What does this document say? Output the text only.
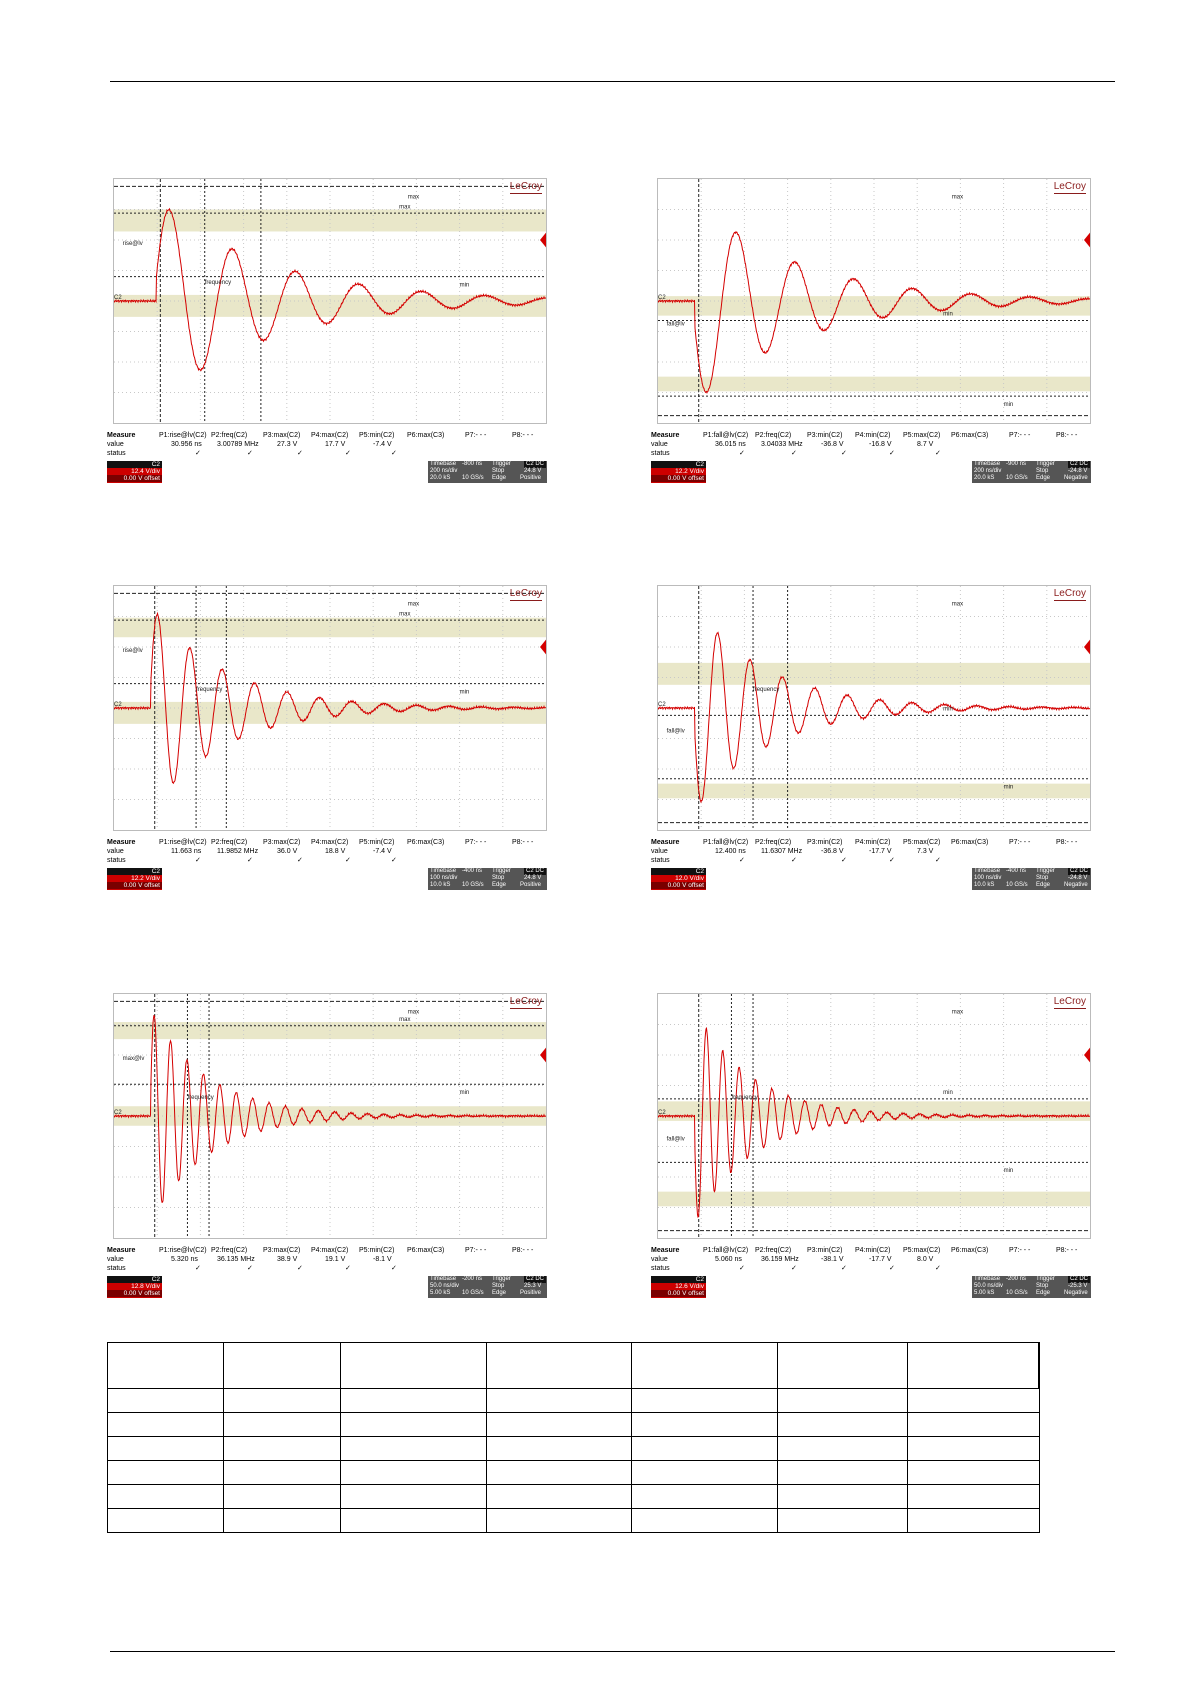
max
max
min
rise@lv
frequency
C2
LeCroy
Measure	P1:rise@lv(C2) P2:freq(C2) P3:max(C2) P4:max(C2) P5:min(C2) P6:max(C3)	P7:- - -	P8:- - -
value	30.956 ns 3.00789 MHz	27.3 V	17.7 V	-7.4 V
status	✓	✓	✓	✓	✓
C2
12.4 V/div
0.00 V offset
Timebase -800 ns
200 ns/div
20.0 kS 10 GS/s
Trigger	C2 DC
Stop	24.8 V
Edge Positive
max
min
min
fall@lv
C2
LeCroy
Measure	P1:fall@lv(C2) P2:freq(C2) P3:min(C2) P4:min(C2) P5:max(C2) P6:max(C3)	P7:- - -	P8:- - -
value	36.015 ns 3.04033 MHz	-36.8 V	-16.8 V	8.7 V
status	✓	✓	✓	✓	✓
C2
12.2 V/div
0.00 V offset
Timebase -900 ns
200 ns/div
20.0 kS 10 GS/s
Trigger	C2 DC
Stop	-24.8 V
Edge Negative
max
max
min
rise@lv
frequency
C2
LeCroy
Measure	P1:rise@lv(C2) P2:freq(C2) P3:max(C2) P4:max(C2) P5:min(C2) P6:max(C3)	P7:- - -	P8:- - -
value	11.663 ns 11.9852 MHz	36.0 V	18.8 V	-7.4 V
status	✓	✓	✓	✓	✓
C2
12.2 V/div
0.00 V offset
Timebase -400 ns
100 ns/div
10.0 kS 10 GS/s
Trigger	C2 DC
Stop	24.8 V
Edge Positive
max
min
min
fall@lv
frequency
C2
LeCroy
Measure	P1:fall@lv(C2) P2:freq(C2) P3:min(C2) P4:min(C2) P5:max(C2) P6:max(C3)	P7:- - -	P8:- - -
value	12.400 ns 11.6307 MHz	-36.8 V	-17.7 V	7.3 V
status	✓	✓	✓	✓	✓
C2
12.0 V/div
0.00 V offset
Timebase -400 ns
100 ns/div
10.0 kS 10 GS/s
Trigger	C2 DC
Stop	-24.8 V
Edge Negative
max
max
min
max@lv
frequency
C2
LeCroy
Measure	P1:rise@lv(C2) P2:freq(C2) P3:max(C2) P4:max(C2) P5:min(C2) P6:max(C3)	P7:- - -	P8:- - -
value	5.320 ns	36.135 MHz	38.9 V	19.1 V	-8.1 V
status	✓	✓	✓	✓	✓
C2
12.8 V/div
0.00 V offset
Timebase -200 ns
50.0 ns/div
5.00 kS 10 GS/s
Trigger	C2 DC
Stop	25.3 V
Edge Positive
max
min
min
fall@lv
frequency
C2
LeCroy
Measure	P1:fall@lv(C2) P2:freq(C2) P3:min(C2) P4:min(C2) P5:max(C2) P6:max(C3)	P7:- - -	P8:- - -
value	5.060 ns	36.159 MHz	-38.1 V	-17.7 V	8.0 V
status	✓	✓	✓	✓	✓
C2
12.6 V/div
0.00 V offset
Timebase -200 ns
50.0 ns/div
5.00 kS 10 GS/s
Trigger	C2 DC
Stop	-25.3 V
Edge Negative
